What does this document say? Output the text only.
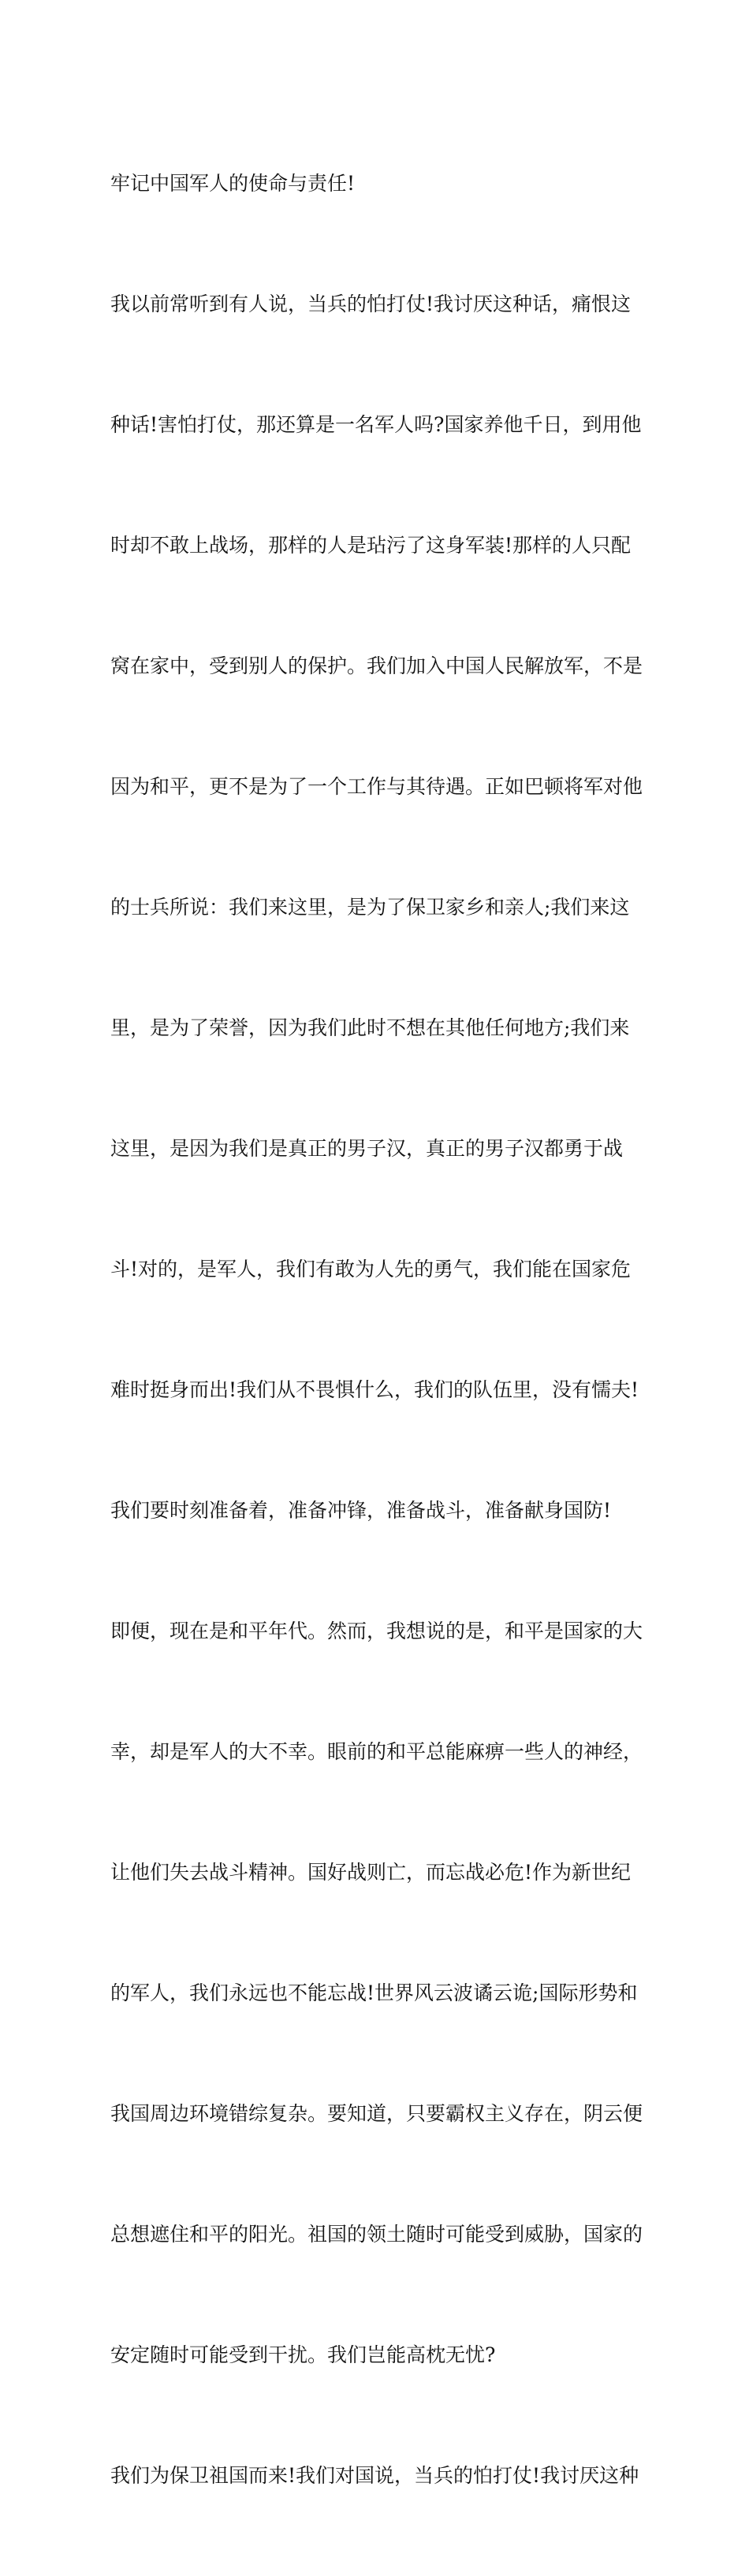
牢记中国军人的使命与责任!

我以前常听到有人说，当兵的怕打仗!我讨厌这种话，痛恨这

种话!害怕打仗，那还算是一名军人吗?国家养他千日，到用他

时却不敢上战场，那样的人是玷污了这身军装!那样的人只配

窝在家中，受到别人的保护。我们加入中国人民解放军，不是

因为和平，更不是为了一个工作与其待遇。正如巴顿将军对他

的士兵所说：我们来这里，是为了保卫家乡和亲人;我们来这

里，是为了荣誉，因为我们此时不想在其他任何地方;我们来

这里，是因为我们是真正的男子汉，真正的男子汉都勇于战

斗!对的，是军人，我们有敢为人先的勇气，我们能在国家危

难时挺身而出!我们从不畏惧什么，我们的队伍里，没有懦夫!

我们要时刻准备着，准备冲锋，准备战斗，准备献身国防!

即便，现在是和平年代。然而，我想说的是，和平是国家的大

幸，却是军人的大不幸。眼前的和平总能麻痹一些人的神经，

让他们失去战斗精神。国好战则亡，而忘战必危!作为新世纪

的军人，我们永远也不能忘战!世界风云波谲云诡;国际形势和

我国周边环境错综复杂。要知道，只要霸权主义存在，阴云便

总想遮住和平的阳光。祖国的领土随时可能受到威胁，国家的

安定随时可能受到干扰。我们岂能高枕无忧?

我们为保卫祖国而来!我们对国说，当兵的怕打仗!我讨厌这种
